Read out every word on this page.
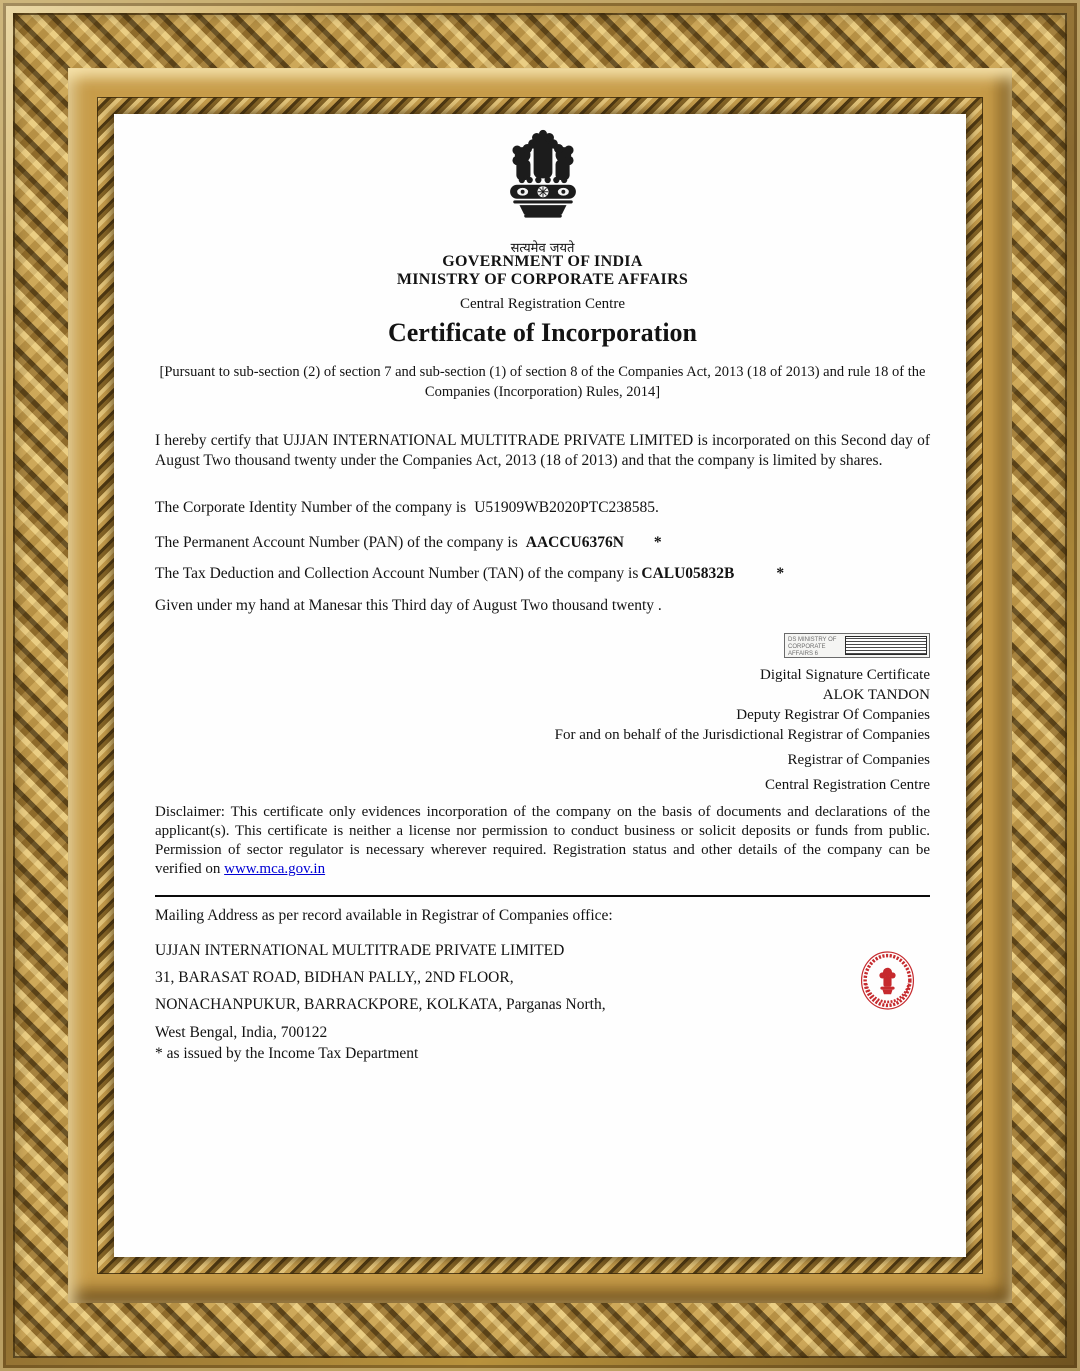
सत्यमेव जयते
GOVERNMENT OF INDIA
MINISTRY OF CORPORATE AFFAIRS
Central Registration Centre
Certificate of Incorporation
[Pursuant to sub-section (2) of section 7 and sub-section (1) of section 8 of the Companies Act, 2013 (18 of 2013) and rule 18 of the Companies (Incorporation) Rules, 2014]
I hereby certify that UJJAN INTERNATIONAL MULTITRADE PRIVATE LIMITED is incorporated on this Second day of August Two thousand twenty under the Companies Act, 2013 (18 of 2013) and that the company is limited by shares.
The Corporate Identity Number of the company is U51909WB2020PTC238585.
The Permanent Account Number (PAN) of the company is AACCU6376N *
The Tax Deduction and Collection Account Number (TAN) of the company is CALU05832B	*
Given under my hand at Manesar this Third day of August Two thousand twenty .
DS MINISTRY OF CORPORATE AFFAIRS 6
Digital Signature Certificate
ALOK TANDON
Deputy Registrar Of Companies
For and on behalf of the Jurisdictional Registrar of Companies
Registrar of Companies
Central Registration Centre
Disclaimer: This certificate only evidences incorporation of the company on the basis of documents and declarations of the applicant(s). This certificate is neither a license nor permission to conduct business or solicit deposits or funds from public. Permission of sector regulator is necessary wherever required. Registration status and other details of the company can be verified on www.mca.gov.in
Mailing Address as per record available in Registrar of Companies office:
UJJAN INTERNATIONAL MULTITRADE PRIVATE LIMITED
31, BARASAT ROAD, BIDHAN PALLY,, 2ND FLOOR,
NONACHANPUKUR, BARRACKPORE, KOLKATA, Parganas North,
West Bengal, India, 700122
* as issued by the Income Tax Department
